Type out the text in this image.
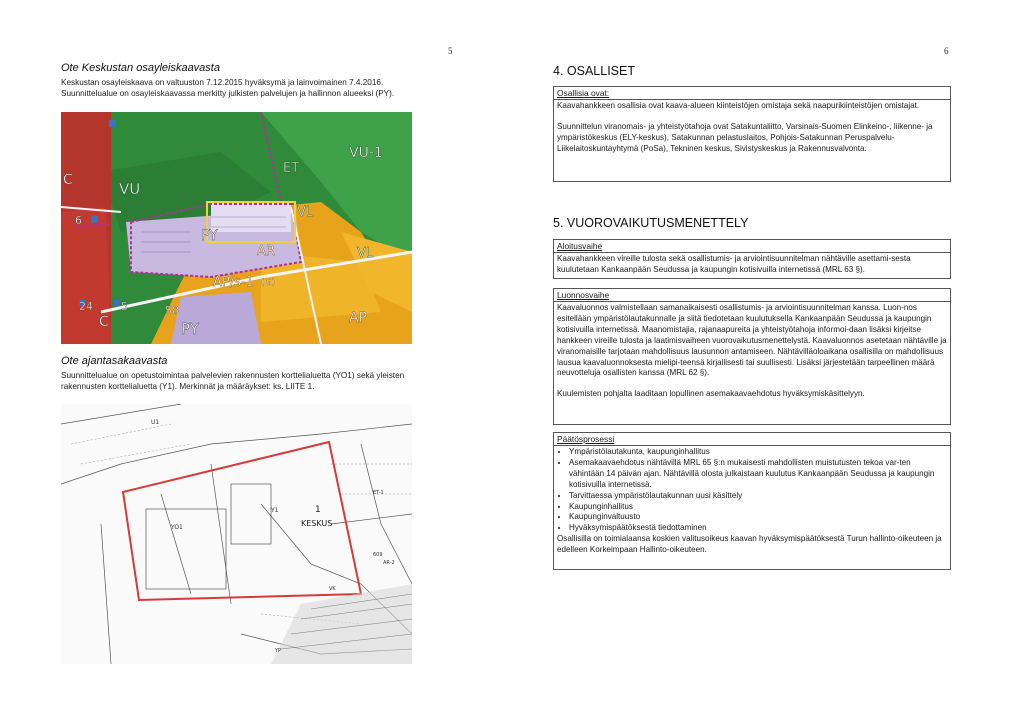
5
Ote Keskustan osayleiskaavasta
Keskustan osayleiskaava on valtuuston 7.12.2015 hyväksymä ja lainvoimainen 7.4.2016.
Suunnittelualue on osayleiskaavassa merkitty julkisten palvelujen ja hallinnon alueeksi (PY).
VU-1
ET
C	VU
VL
6
PY
AR	VL
AP/s-1 (G)
24	5
C
58
PY
AP
Ote ajantasakaavasta
Suunnittelualue on opetustoimintaa palvelevien rakennusten korttelialuetta (YO1) sekä yleisten
rakennusten korttelialuetta (Y1). Merkinnät ja määräykset: ks. LIITE 1.
U1
YO1
Y1
KESKUS
1
ET-1
609
AR-2
VK
YP
6
4. OSALLISET
Osallisia ovat:

Kaavahankkeen osallisia ovat kaava-alueen kiinteistöjen omistaja sekä naapurikiinteistöjen omistajat.

Suunnittelun viranomais- ja yhteistyötahoja ovat Satakuntaliitto, Varsinais-Suomen Elinkeino-, liikenne- ja ympäristökeskus (ELY-keskus), Satakunnan pelastuslaitos, Pohjois-Satakunnan Peruspalvelu-Liikelaitoskuntayhtymä (PoSa), Tekninen keskus, Sivistyskeskus ja Rakennusvalvonta.

5. VUOROVAIKUTUSMENETTELY
Aloitusvaihe

Kaavahankkeen vireille tulosta sekä osallistumis- ja arviointisuunnitelman nähtäville asettami-sesta kuulutetaan Kankaanpään Seudussa ja kaupungin kotisivuilla internetissä (MRL 63 §).

Luonnosvaihe

Kaavaluonnos valmistellaan samanaikaisesti osallistumis- ja arviointisuunnitelman kanssa. Luon-nos esitellään ympäristölautakunnalle ja siitä tiedotetaan kuulutuksella Kankaanpään Seudussa ja kaupungin kotisivuilla internetissä. Maanomistajia, rajanaapureita ja yhteistyötahoja informoi-daan lisäksi kirjeitse hankkeen vireille tulosta ja laatimisvaiheen vuorovaikutusmenettelystä. Kaavaluonnos asetetaan nähtäville ja viranomaisille tarjotaan mahdollisuus lausunnon antamiseen. Nähtävilläoloaikana osallisilla on mahdollisuus lausua kaavaluonnoksesta mielipi-teensä kirjallisesti tai suullisesti. Lisäksi järjestetään tarpeellinen määrä neuvotteluja osallisten kanssa (MRL 62 §).

Kuulemisten pohjalta laaditaan lopullinen asemakaavaehdotus hyväksymiskäsittelyyn.

Päätösprosessi
• Ympäristölautakunta, kaupunginhallitus
• Asemakaavaehdotus nähtävillä MRL 65 §:n mukaisesti mahdollisten muistutusten tekoa var-ten vähintään 14 päivän ajan. Nähtävillä olosta julkaistaan kuulutus Kankaanpään Seudussa ja kaupungin kotisivuilla internetissä.
• Tarvittaessa ympäristölautakunnan uusi käsittely
• Kaupunginhallitus
• Kaupunginvaltuusto
• Hyväksymispäätöksestä tiedottaminen

Osallisilla on toimialaansa koskien valitusoikeus kaavan hyväksymispäätöksestä Turun hallinto-oikeuteen ja edelleen Korkeimpaan Hallinto-oikeuteen.
